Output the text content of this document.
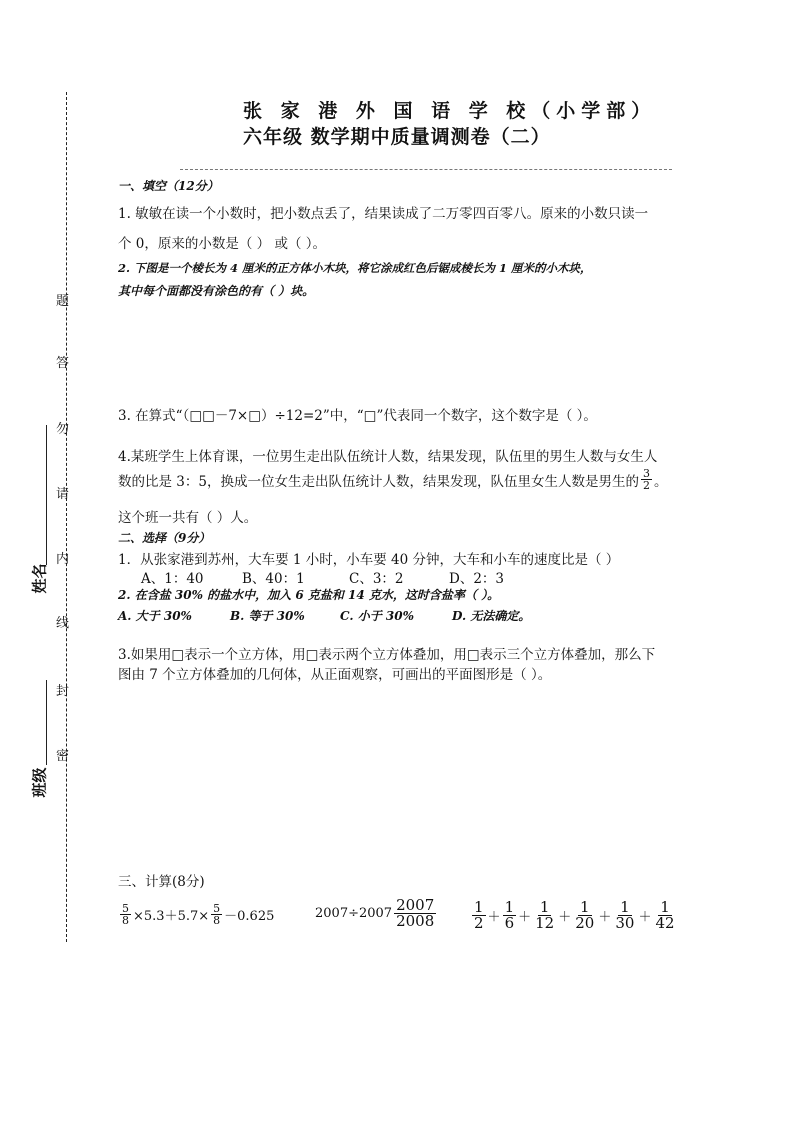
题
答
勿
请
内
线
封
密
姓名
班级
张 家 港 外 国 语 学 校（小学部）
六年级 数学期中质量调测卷（二）
一、填空（12分）
1. 敏敏在读一个小数时，把小数点丢了，结果读成了二万零四百零八。原来的小数只读一
个 0，原来的小数是（ ） 或（ ）。
2. 下图是一个棱长为 4 厘米的正方体小木块，将它涂成红色后锯成棱长为 1 厘米的小木块，
其中每个面都没有涂色的有（ ）块。
3. 在算式“（□□－7×□）÷12=2”中，“□”代表同一个数字，这个数字是（ ）。
4.某班学生上体育课，一位男生走出队伍统计人数，结果发现，队伍里的男生人数与女生人
数的比是 3：5，换成一位女生走出队伍统计人数，结果发现，队伍里女生人数是男生的 $\frac{3}{2}$ 。
这个班一共有（ ）人。
二、选择（9分）
1．从张家港到苏州，大车要 1 小时，小车要 40 分钟，大车和小车的速度比是（ ）
A、1：40	B、40：1	C、3：2	D、2：3
2. 在含盐 30% 的盐水中，加入 6 克盐和 14 克水，这时含盐率（ ）。
A. 大于 30%	B. 等于 30%	C. 小于 30%	D. 无法确定。
3.如果用□表示一个立方体，用□表示两个立方体叠加，用□表示三个立方体叠加，那么下
图由 7 个立方体叠加的几何体，从正面观察，可画出的平面图形是（ ）。
三、计算(8分)
$\frac{5}{8} \times 5.3+5.7\times \frac{5}{8} -0.625$	$2007\div 2007 \frac{2007}{2008} \frac{1}{2} + \frac{1}{6} + \frac{1}{12} + \frac{1}{20} + \frac{1}{30} + \frac{1}{42}$
